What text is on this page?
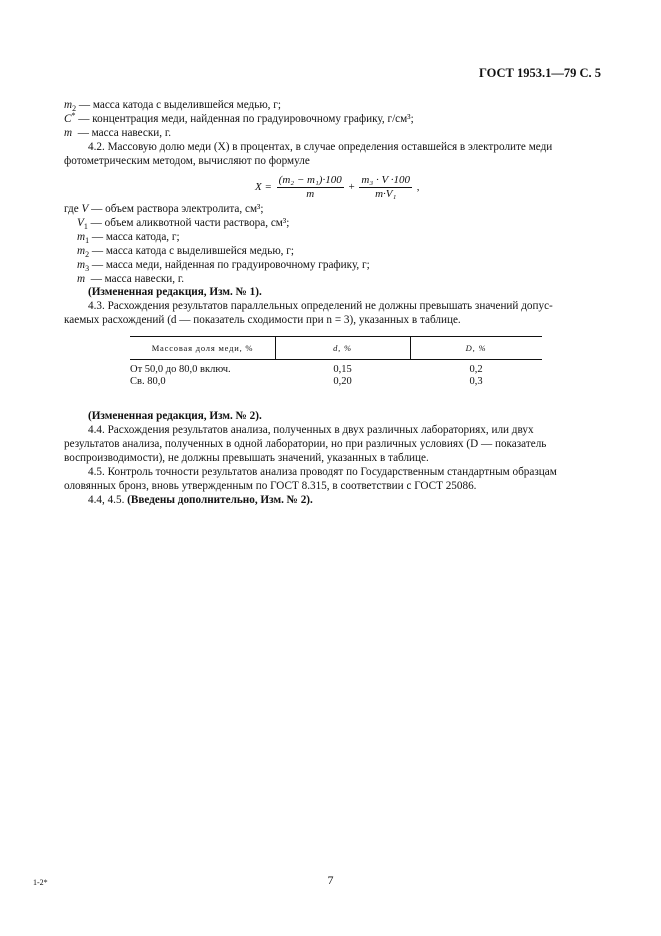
ГОСТ 1953.1—79 С. 5
$m_2$ — масса катода с выделившейся медью, г;
C* — концентрация меди, найденная по градуировочному графику, г/см³;
m — масса навески, г.
4.2. Массовую долю меди (X) в процентах, в случае определения оставшейся в электролите меди
фотометрическим методом, вычисляют по формуле
$X = \frac{\text{(m₂ − m₁)·100}}{m} + \frac{\text{m₃ · V ·100}}{\text{m·V₁}}$ ,
где V — объем раствора электролита, см³;
$V_1$ — объем аликвотной части раствора, см³;
$m_1$ — масса катода, г;
$m_2$ — масса катода с выделившейся медью, г;
$m_3$ — масса меди, найденная по градуировочному графику, г;
m — масса навески, г.
(Измененная редакция, Изм. № 1).
4.3. Расхождения результатов параллельных определений не должны превышать значений допус-
каемых расхождений (d — показатель сходимости при n = 3), указанных в таблице.
Массовая доля меди, %	d, %	D, %
От 50,0 до 80,0 включ.	0,15	0,2
Св. 80,0	0,20	0,3
(Измененная редакция, Изм. № 2).
4.4. Расхождения результатов анализа, полученных в двух различных лабораториях, или двух
результатов анализа, полученных в одной лаборатории, но при различных условиях (D — показатель
воспроизводимости), не должны превышать значений, указанных в таблице.
4.5. Контроль точности результатов анализа проводят по Государственным стандартным образцам
оловянных бронз, вновь утвержденным по ГОСТ 8.315, в соответствии с ГОСТ 25086.
4.4, 4.5. (Введены дополнительно, Изм. № 2).
1-2*	7
